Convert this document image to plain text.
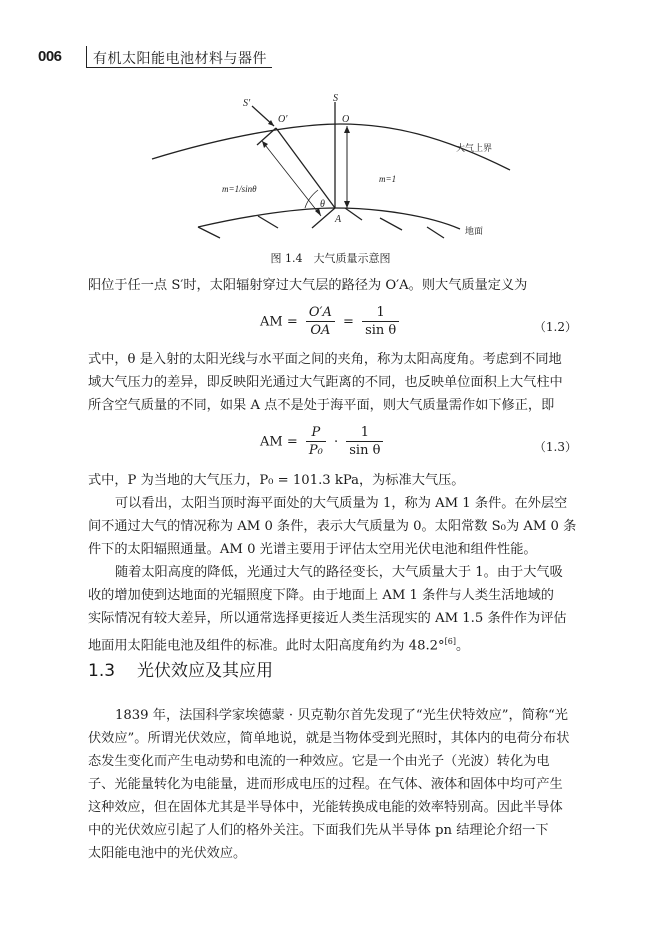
006 有机太阳能电池材料与器件
S′	S
O′	O
A
θ
m=1/sinθ
m=1
大气上界
地面
图 1.4　大气质量示意图
阳位于任一点 S′时，太阳辐射穿过大气层的路径为 O′A。则大气质量定义为
AM = $\frac{O'A}{OA} = \frac{1}{\text{sin θ}}$	（1.2）
式中，θ 是入射的太阳光线与水平面之间的夹角，称为太阳高度角。考虑到不同地
域大气压力的差异，即反映阳光通过大气距离的不同，也反映单位面积上大气柱中
所含空气质量的不同，如果 A 点不是处于海平面，则大气质量需作如下修正，即
AM = $\frac{P}{\text{P₀}} \cdot \frac{1}{\text{sin θ}}$	（1.3）
式中，P 为当地的大气压力，P₀ = 101.3 kPa，为标准大气压。
可以看出，太阳当顶时海平面处的大气质量为 1，称为 AM 1 条件。在外层空
间不通过大气的情况称为 AM 0 条件，表示大气质量为 0。太阳常数 S₀为 AM 0 条
件下的太阳辐照通量。AM 0 光谱主要用于评估太空用光伏电池和组件性能。
随着太阳高度的降低，光通过大气的路径变长，大气质量大于 1。由于大气吸
收的增加使到达地面的光辐照度下降。由于地面上 AM 1 条件与人类生活地域的
实际情况有较大差异，所以通常选择更接近人类生活现实的 AM 1.5 条件作为评估
地面用太阳能电池及组件的标准。此时太阳高度角约为 48.2°[6]。
1.3 光伏效应及其应用
1839 年，法国科学家埃德蒙 · 贝克勒尔首先发现了“光生伏特效应”，简称“光
伏效应”。所谓光伏效应，简单地说，就是当物体受到光照时，其体内的电荷分布状
态发生变化而产生电动势和电流的一种效应。它是一个由光子（光波）转化为电
子、光能量转化为电能量，进而形成电压的过程。在气体、液体和固体中均可产生
这种效应，但在固体尤其是半导体中，光能转换成电能的效率特别高。因此半导体
中的光伏效应引起了人们的格外关注。下面我们先从半导体 pn 结理论介绍一下
太阳能电池中的光伏效应。
